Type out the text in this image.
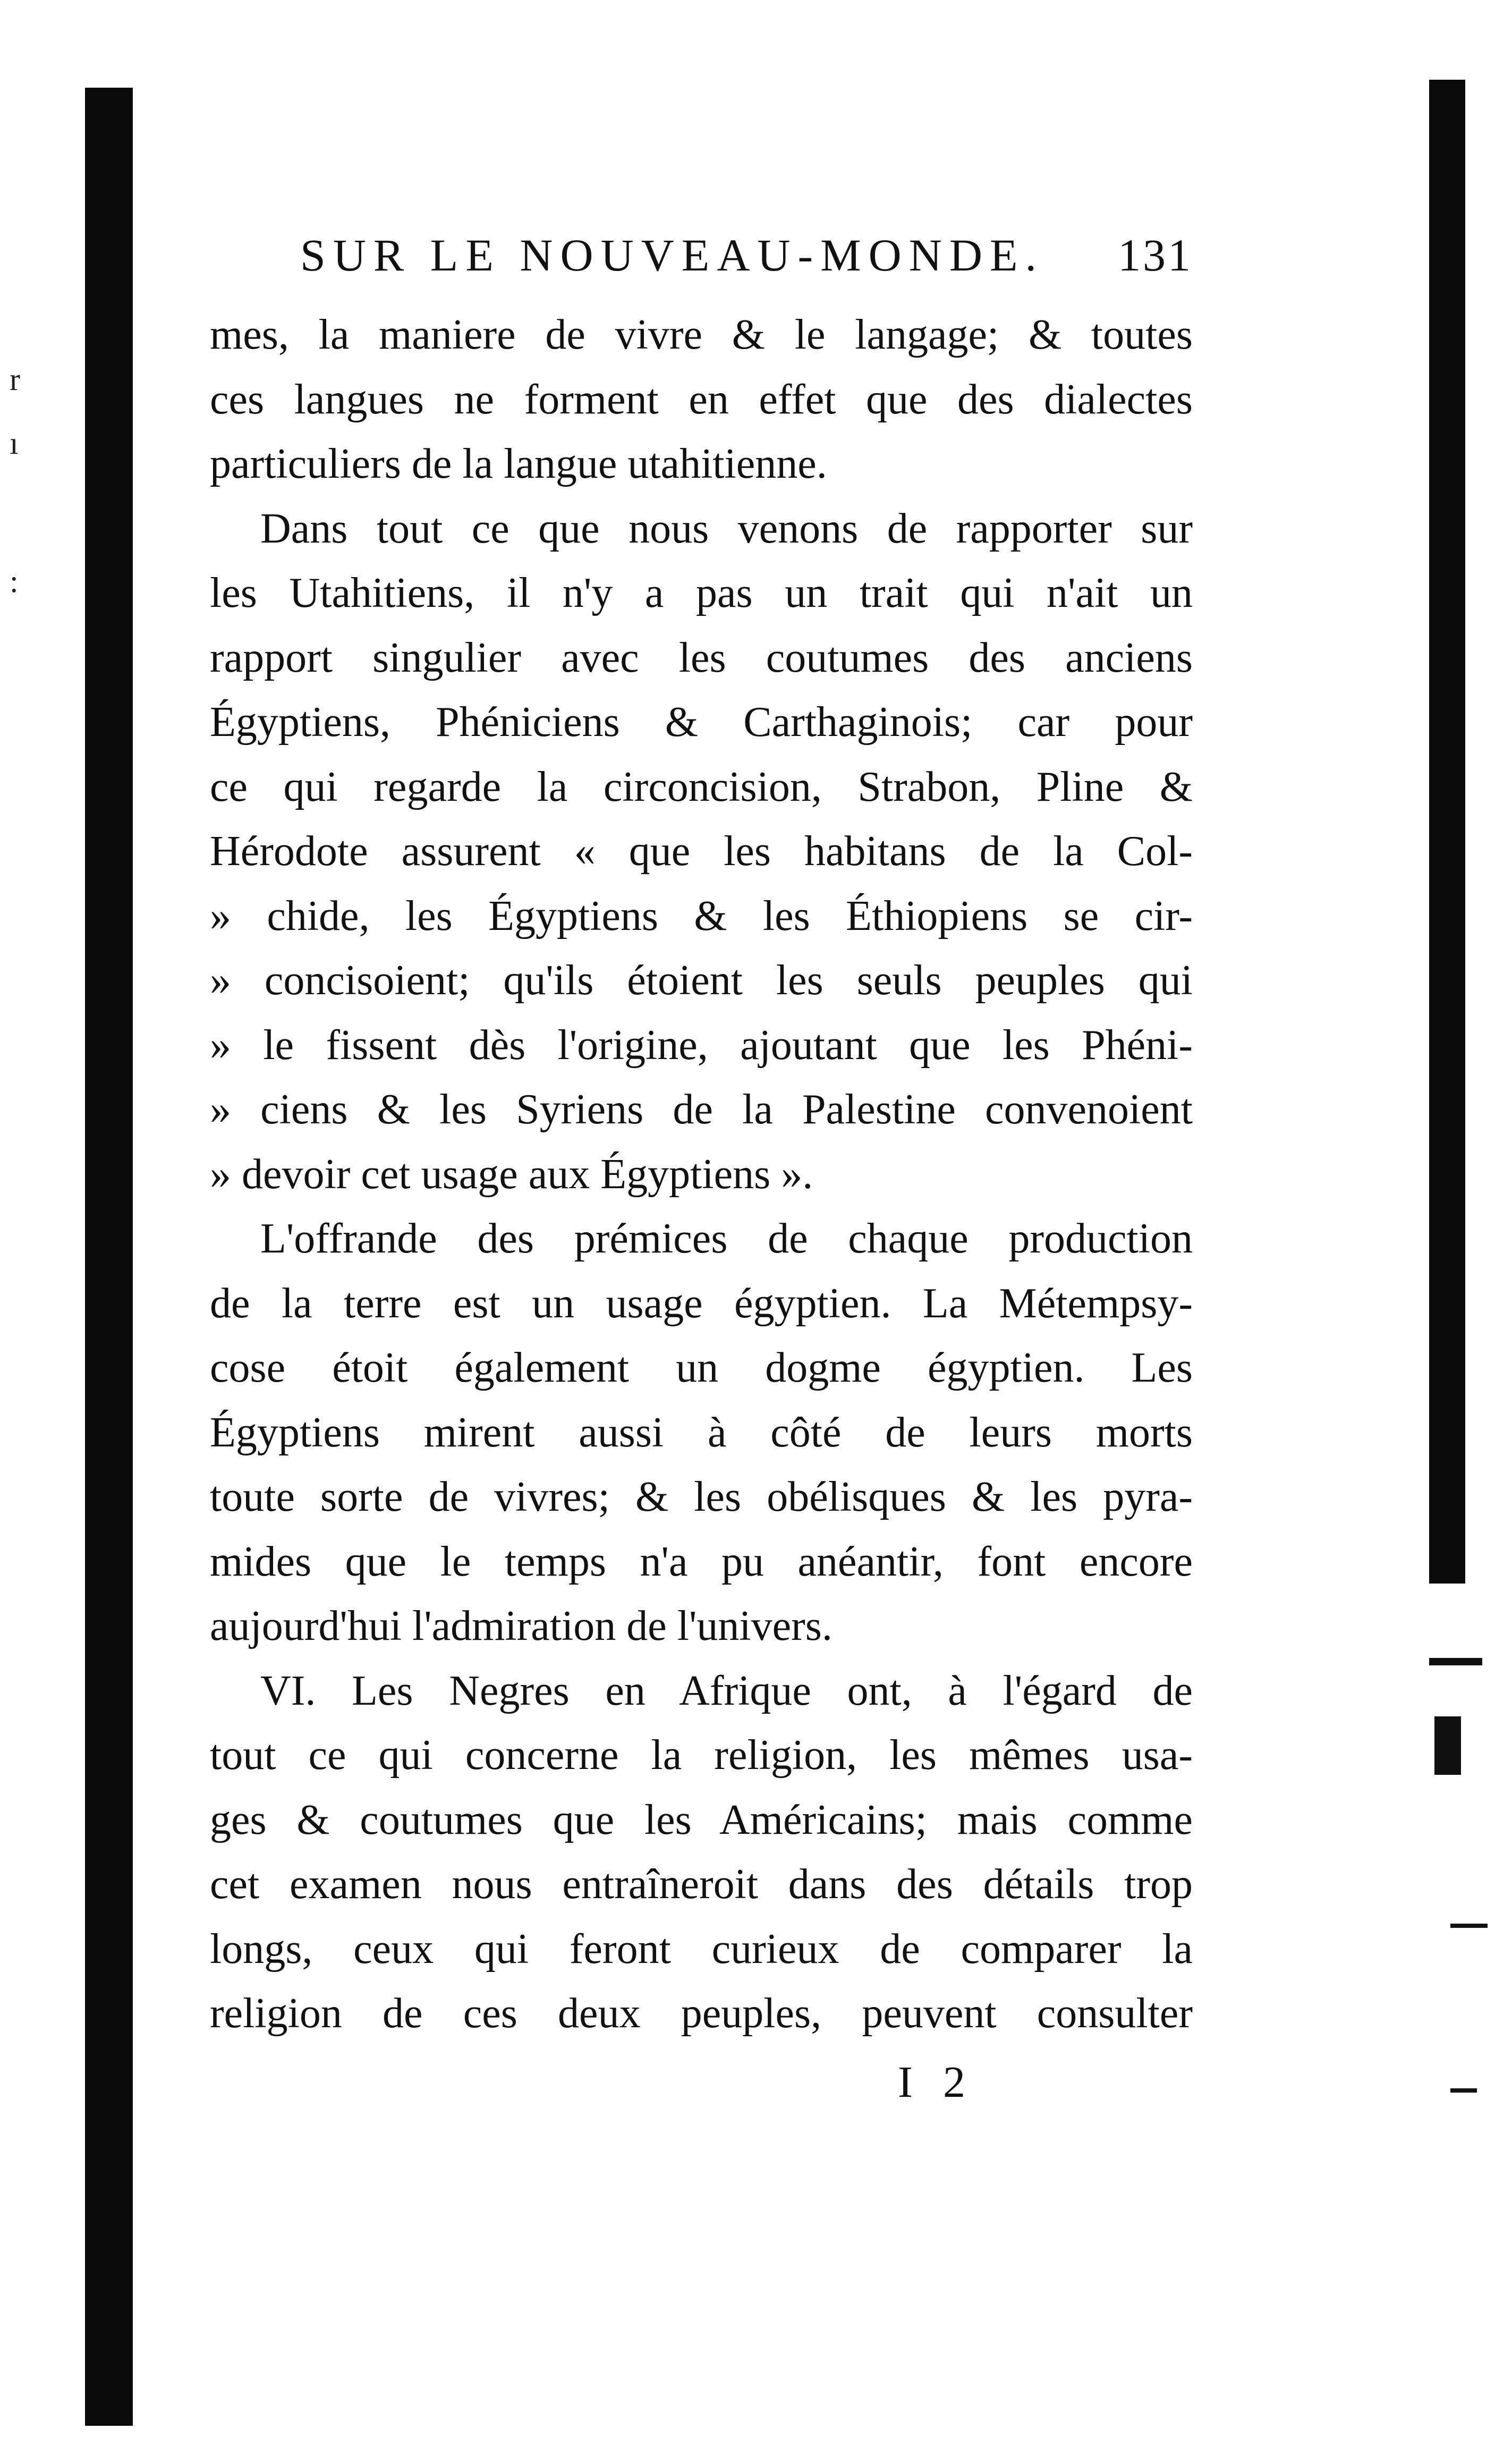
r
ı
:
SUR LE NOUVEAU-MONDE. 131
mes, la maniere de vivre & le langage; & toutes
ces langues ne forment en effet que des dialectes
particuliers de la langue utahitienne.
Dans tout ce que nous venons de rapporter sur
les Utahitiens, il n'y a pas un trait qui n'ait un
rapport singulier avec les coutumes des anciens
Égyptiens, Phéniciens & Carthaginois; car pour
ce qui regarde la circoncision, Strabon, Pline &
Hérodote assurent « que les habitans de la Col-
» chide, les Égyptiens & les Éthiopiens se cir-
» concisoient; qu'ils étoient les seuls peuples qui
» le fissent dès l'origine, ajoutant que les Phéni-
» ciens & les Syriens de la Palestine convenoient
» devoir cet usage aux Égyptiens ».
L'offrande des prémices de chaque production
de la terre est un usage égyptien. La Métempsy-
cose étoit également un dogme égyptien. Les
Égyptiens mirent aussi à côté de leurs morts
toute sorte de vivres; & les obélisques & les pyra-
mides que le temps n'a pu anéantir, font encore
aujourd'hui l'admiration de l'univers.
VI. Les Negres en Afrique ont, à l'égard de
tout ce qui concerne la religion, les mêmes usa-
ges & coutumes que les Américains; mais comme
cet examen nous entraîneroit dans des détails trop
longs, ceux qui feront curieux de comparer la
religion de ces deux peuples, peuvent consulter
I 2
